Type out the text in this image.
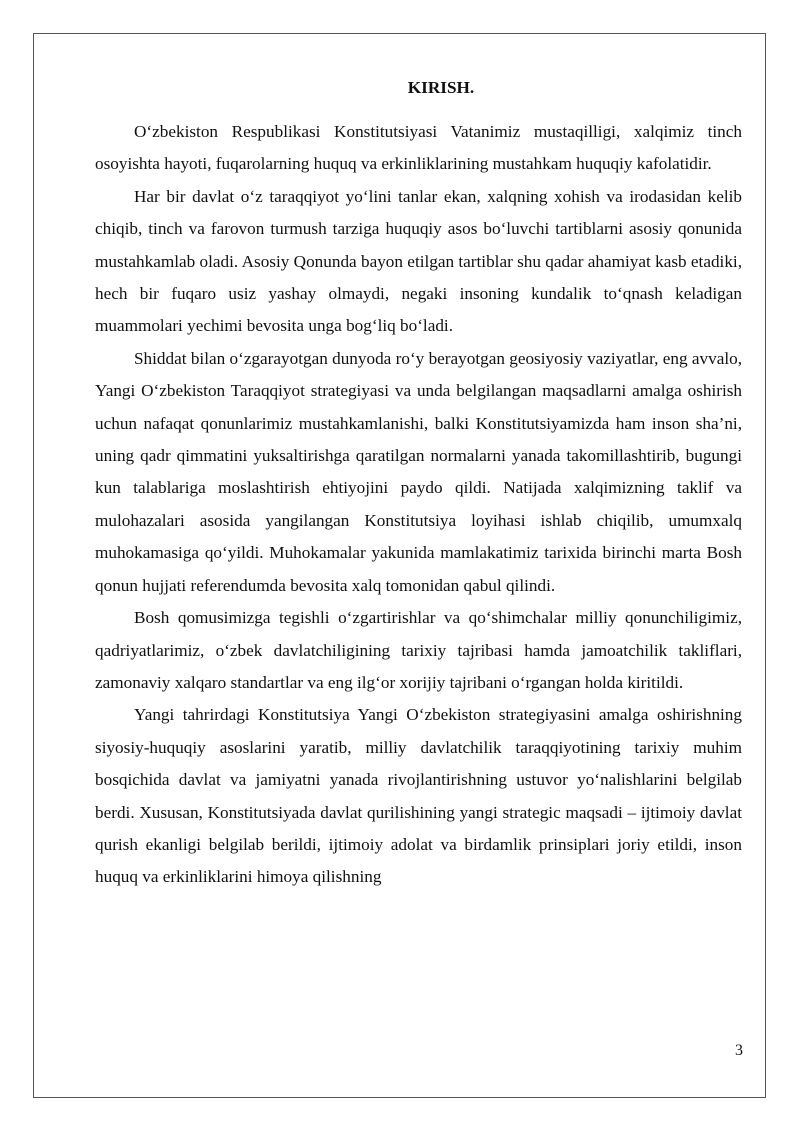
KIRISH.

O‘zbekiston Respublikasi Konstitutsiyasi Vatanimiz mustaqilligi, xalqimiz tinch osoyishta hayoti, fuqarolarning huquq va erkinliklarining mustahkam huquqiy kafolatidir.

Har bir davlat o‘z taraqqiyot yo‘lini tanlar ekan, xalqning xohish va irodasidan kelib chiqib, tinch va farovon turmush tarziga huquqiy asos bo‘luvchi tartiblarni asosiy qonunida mustahkamlab oladi. Asosiy Qonunda bayon etilgan tartiblar shu qadar ahamiyat kasb etadiki, hech bir fuqaro usiz yashay olmaydi, negaki insoning kundalik to‘qnash keladigan muammolari yechimi bevosita unga bog‘liq bo‘ladi.

Shiddat bilan o‘zgarayotgan dunyoda ro‘y berayotgan geosiyosiy vaziyatlar, eng avvalo, Yangi O‘zbekiston Taraqqiyot strategiyasi va unda belgilangan maqsadlarni amalga oshirish uchun nafaqat qonunlarimiz mustahkamlanishi, balki Konstitutsiyamizda ham inson sha’ni, uning qadr qimmatini yuksaltirishga qaratilgan normalarni yanada takomillashtirib, bugungi kun talablariga moslashtirish ehtiyojini paydo qildi. Natijada xalqimizning taklif va mulohazalari asosida yangilangan Konstitutsiya loyihasi ishlab chiqilib, umumxalq muhokamasiga qo‘yildi. Muhokamalar yakunida mamlakatimiz tarixida birinchi marta Bosh qonun hujjati referendumda bevosita xalq tomonidan qabul qilindi.

Bosh qomusimizga tegishli o‘zgartirishlar va qo‘shimchalar milliy qonunchiligimiz, qadriyatlarimiz, o‘zbek davlatchiligining tarixiy tajribasi hamda jamoatchilik takliflari, zamonaviy xalqaro standartlar va eng ilg‘or xorijiy tajribani o‘rgangan holda kiritildi.

Yangi tahrirdagi Konstitutsiya Yangi O‘zbekiston strategiyasini amalga oshirishning siyosiy-huquqiy asoslarini yaratib, milliy davlatchilik taraqqiyotining tarixiy muhim bosqichida davlat va jamiyatni yanada rivojlantirishning ustuvor yo‘nalishlarini belgilab berdi. Xususan, Konstitutsiyada davlat qurilishining yangi strategic maqsadi – ijtimoiy davlat qurish ekanligi belgilab berildi, ijtimoiy adolat va birdamlik prinsiplari joriy etildi, inson huquq va erkinliklarini himoya qilishning

3
